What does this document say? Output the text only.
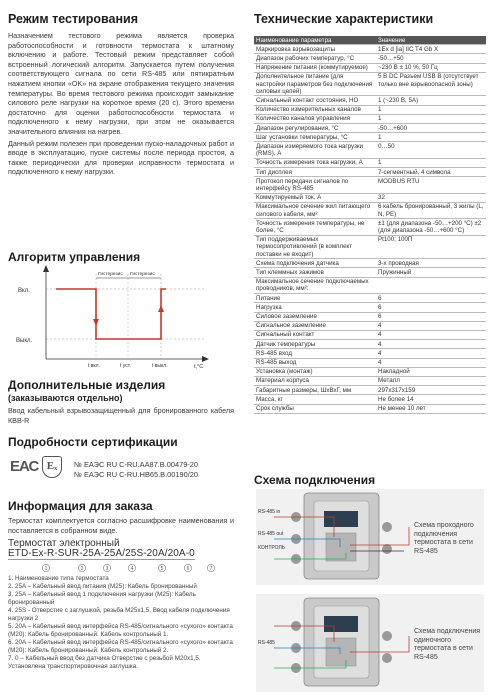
Режим тестирования

Назначением тестового режима является проверка работоспособности и готовности термостата к штатному включению и работе. Тестовый режим представляет собой встроенный логический алгоритм. Запускается путем получения соответствующего сигнала по сети RS-485 или пятикратным нажатием кнопки «OK» на экране отображения текущего значения температуры. Во время тестового режима происходит замыкание силового реле нагрузки на короткое время (20 с). Этого времени достаточно для оценки работоспособности термостата и подключенного к нему нагрузки, при этом не оказывается значительного влияния на нагрев.

Данный режим полезен при проведении пуско-наладочных работ и вводе в эксплуатацию, пуске системы после периода простоя, а также периодически для проверки исправности термостата и подключенного к нему нагрузки.

Алгоритм управления
Вкл.
Выкл.
Гистерезис Гистерезис
t вкл.	t уст.	t выкл.	t,°C
Дополнительные изделия
(заказываются отдельно)

Ввод кабельный взрывозащищенный для бронированного кабеля КВВ-R

Подробности сертификации
ЕАС Eₓ	№ ЕАЭС RU C-RU.АА87.В.00479-20
№ ЕАЭС RU C-RU.НВ65.В.00190/20
Информация для заказа

Термостат комплектуется согласно расшифровке наименования и поставляется в собранном виде.

Термостат электронный
ETD-Ex-R-SUR-25A-25A/25S-20A/20A-0
1	2	3	4	5	6	7
1. Наименование типа термостата
2. 25A – Кабельный ввод питания (M25): Кабель бронированный
3. 25A – Кабельный ввод 1 подключения нагрузки (M25): Кабель бронированный
4. 25S - Отверстие с заглушкой, резьба M25x1,5. Ввод кабеля подключения нагрузки 2
5. 20A – Кабельный ввод интерфейса RS-485/сигнального «сухого» контакта (M20): Кабель бронированный. Кабель контрольный 1.
6. 20A – Кабельный ввод интерфейса RS-485/сигнального «сухого» контакта (M20): Кабель бронированный. Кабель контрольный 2.
7. 0 – Кабельный ввод без датчика Отверстие с резьбой M20x1,5. Установлена транспортировочная заглушка.
Технические характеристики
Наименование параметра	Значение
Маркировка взрывозащиты	1Ex d [ia] IIC T4 Gb X
Диапазон рабочих температур, °C	-50…+50
Напряжение питания (коммутируемое)	~230 В ± 10 %, 50 Гц
Дополнительное питание (для настройки параметров без подключения силовых цепей)	5 В DC Разъем USB B (отсутствует только вне взрывоопасной зоны)
Сигнальный контакт состояния, НО	1 (~230 В, 5A)
Количество измерительных каналов	1
Количество каналов управления	1
Диапазон регулирования, °C	-50…+600
Шаг установки температуры, °C	1
Диапазон измеряемого тока нагрузки (RMS), A	0…50
Точность измерения тока нагрузки, A	1
Тип дисплея	7-сегментный, 4 символа
Протокол передачи сигналов по интерфейсу RS-485	MODBUS RTU
Коммутируемый ток, A	32
Максимальное сечение жил питающего силового кабеля, мм²	6 кабель бронированный, 3 жилы (L, N, PE)
Точность измерения температуры, не более, °C	±1 (для диапазона -50…+200 °C) ±2 (для диапазона -50…+600 °C)
Тип поддерживаемых термосопротивлений (в комплект поставки не входит)	Pt100; 100П
Схема подключения датчика	3-х проводная
Тип клеммных зажимов	Пружинный
Максимальное сечение подключаемых проводников, мм²:	
Питание	6
Нагрузка	6
Силовое заземление	6
Сигнальное заземление	4
Сигнальный контакт	4
Датчик температуры	4
RS-485 вход	4
RS-485 выход	4
Установка (монтаж)	Накладной
Материал корпуса	Металл
Габаритные размеры, ШхВхГ, мм	297х317х159
Масса, кг	Не более 14
Срок службы	Не менее 10 лет
Схема подключения
RS-485 in
RS-485 out
КОНТРОЛЬ
Схема проходного подключения термостата в сети RS-485
RS-485
Схема подключения одиночного термостата в сети RS-485
